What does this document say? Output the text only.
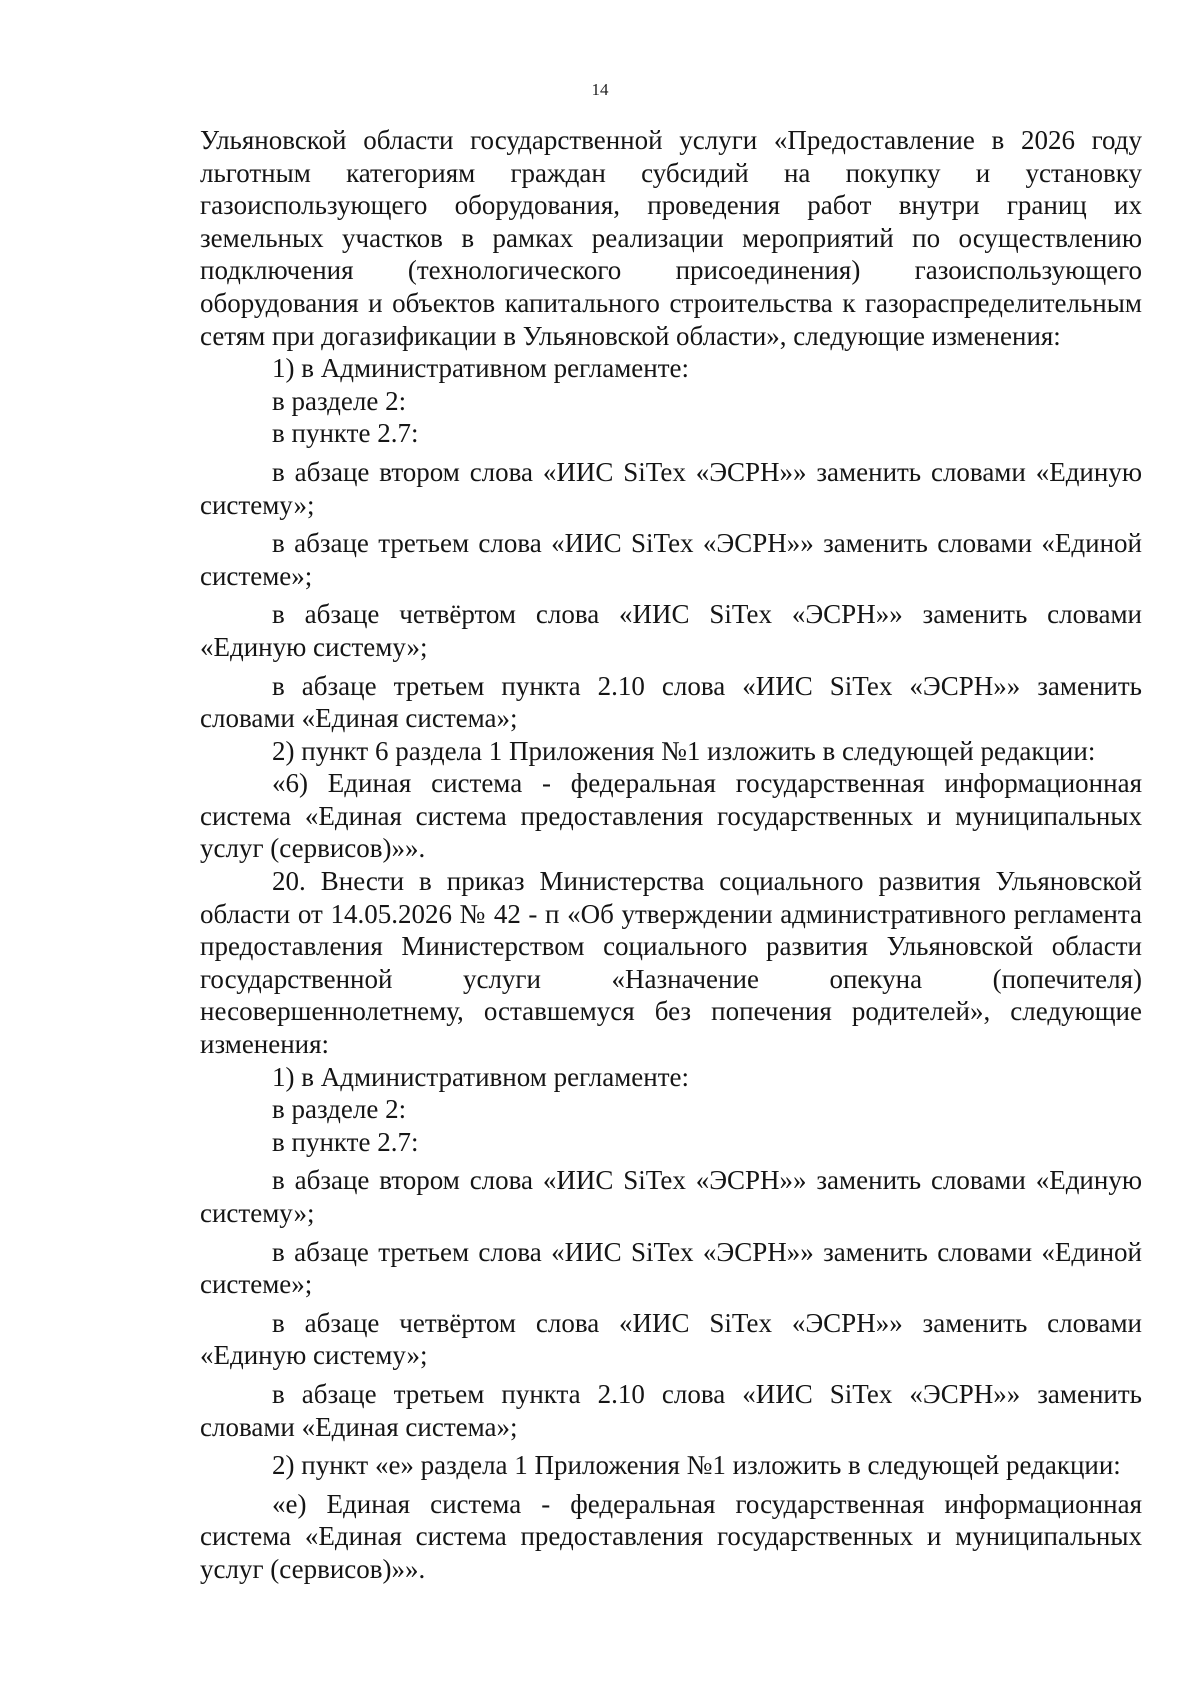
14

Ульяновской области государственной услуги «Предоставление в 2026 году льготным категориям граждан субсидий на покупку и установку газоиспользующего оборудования, проведения работ внутри границ их земельных участков в рамках реализации мероприятий по осуществлению подключения (технологического присоединения) газоиспользующего оборудования и объектов капитального строительства к газораспределительным сетям при догазификации в Ульяновской области», следующие изменения:

1) в Административном регламенте:

в разделе 2:

в пункте 2.7:

в абзаце втором слова «ИИС SiTex «ЭСРН»» заменить словами «Единую систему»;

в абзаце третьем слова «ИИС SiTex «ЭСРН»» заменить словами «Единой системе»;

в абзаце четвёртом слова «ИИС SiTex «ЭСРН»» заменить словами «Единую систему»;

в абзаце третьем пункта 2.10 слова «ИИС SiTex «ЭСРН»» заменить словами «Единая система»;

2) пункт 6 раздела 1 Приложения №1 изложить в следующей редакции:

«6) Единая система - федеральная государственная информационная система «Единая система предоставления государственных и муниципальных услуг (сервисов)»».

20. Внести в приказ Министерства социального развития Ульяновской области от 14.05.2026 № 42 - п «Об утверждении административного регламента предоставления Министерством социального развития Ульяновской области государственной услуги «Назначение опекуна (попечителя) несовершеннолетнему, оставшемуся без попечения родителей», следующие изменения:

1) в Административном регламенте:

в разделе 2:

в пункте 2.7:

в абзаце втором слова «ИИС SiTex «ЭСРН»» заменить словами «Единую систему»;

в абзаце третьем слова «ИИС SiTex «ЭСРН»» заменить словами «Единой системе»;

в абзаце четвёртом слова «ИИС SiTex «ЭСРН»» заменить словами «Единую систему»;

в абзаце третьем пункта 2.10 слова «ИИС SiTex «ЭСРН»» заменить словами «Единая система»;

2) пункт «е» раздела 1 Приложения №1 изложить в следующей редакции:

«е) Единая система - федеральная государственная информационная система «Единая система предоставления государственных и муниципальных услуг (сервисов)»».
